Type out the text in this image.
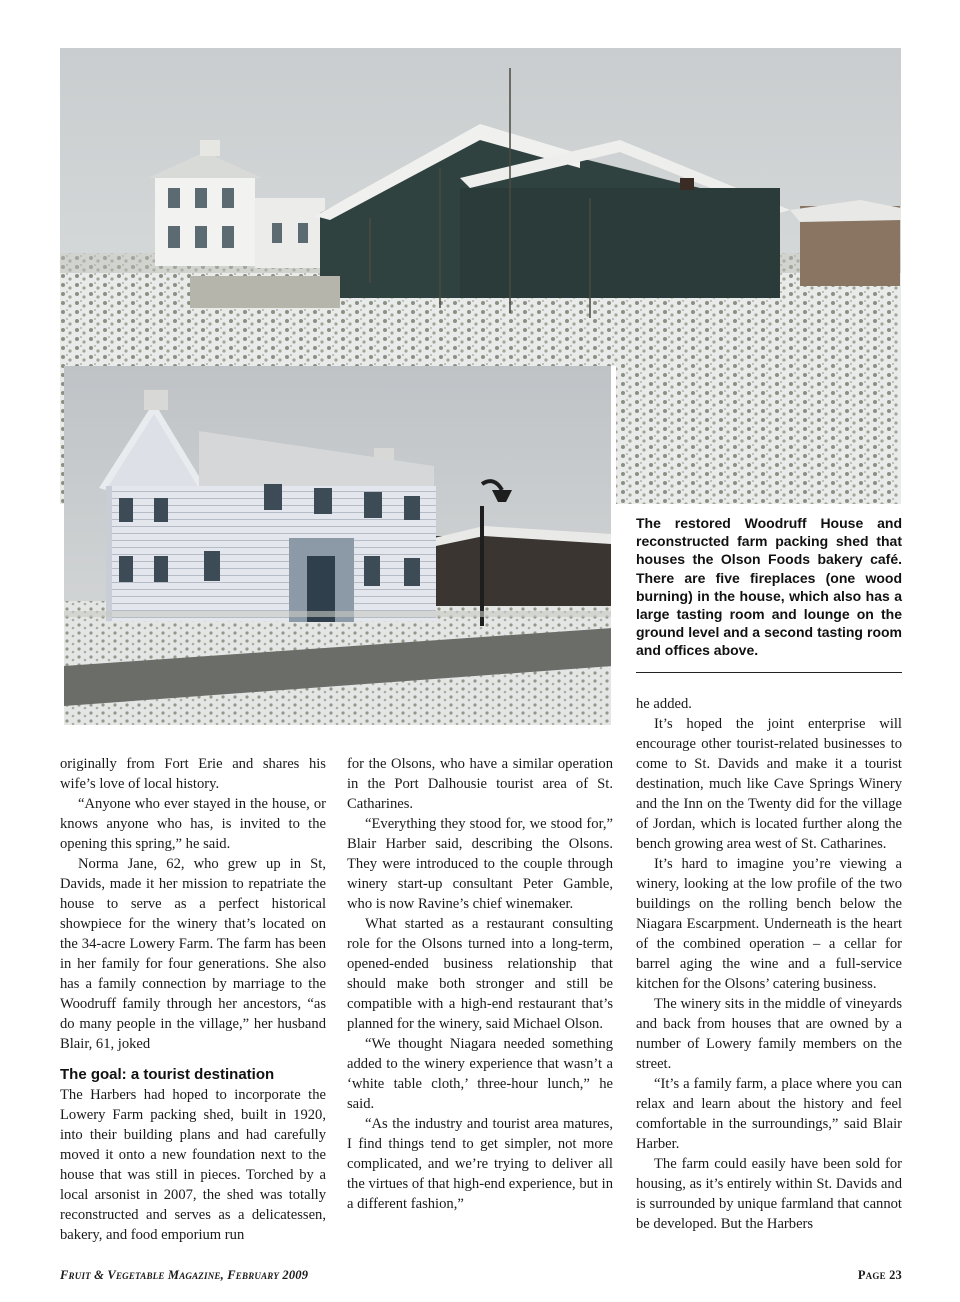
The restored Woodruff House and reconstructed farm packing shed that houses the Olson Foods bakery café. There are five fireplaces (one wood burning) in the house, which also has a large tasting room and lounge on the ground level and a second tasting room and offices above.

originally from Fort Erie and shares his wife’s love of local history.

“Anyone who ever stayed in the house, or knows anyone who has, is invited to the opening this spring,” he said.

Norma Jane, 62, who grew up in St, Davids, made it her mission to repatriate the house to serve as a perfect historical showpiece for the winery that’s located on the 34-acre Lowery Farm. The farm has been in her family for four generations. She also has a family connection by marriage to the Woodruff family through her ancestors, “as do many people in the village,” her husband Blair, 61, joked

The goal: a tourist destination

The Harbers had hoped to incorporate the Lowery Farm packing shed, built in 1920, into their building plans and had carefully moved it onto a new foundation next to the house that was still in pieces. Torched by a local arsonist in 2007, the shed was totally reconstructed and serves as a delicatessen, bakery, and food emporium run

for the Olsons, who have a similar operation in the Port Dalhousie tourist area of St. Catharines.

“Everything they stood for, we stood for,” Blair Harber said, describing the Olsons. They were introduced to the couple through winery start-up consultant Peter Gamble, who is now Ravine’s chief winemaker.

What started as a restaurant consulting role for the Olsons turned into a long-term, opened-ended business relationship that should make both stronger and still be compatible with a high-end restaurant that’s planned for the winery, said Michael Olson.

“We thought Niagara needed something added to the winery experience that wasn’t a ‘white table cloth,’ three-hour lunch,” he said.

“As the industry and tourist area matures, I find things tend to get simpler, not more complicated, and we’re trying to deliver all the virtues of that high-end experience, but in a different fashion,”

he added.

It’s hoped the joint enterprise will encourage other tourist-related businesses to come to St. Davids and make it a tourist destination, much like Cave Springs Winery and the Inn on the Twenty did for the village of Jordan, which is located further along the bench growing area west of St. Catharines.

It’s hard to imagine you’re viewing a winery, looking at the low profile of the two buildings on the rolling bench below the Niagara Escarpment. Underneath is the heart of the combined operation – a cellar for barrel aging the wine and a full-service kitchen for the Olsons’ catering business.

The winery sits in the middle of vineyards and back from houses that are owned by a number of Lowery family members on the street.

“It’s a family farm, a place where you can relax and learn about the history and feel comfortable in the surroundings,” said Blair Harber.

The farm could easily have been sold for housing, as it’s entirely within St. Davids and is surrounded by unique farmland that cannot be developed. But the Harbers

Fruit & Vegetable Magazine, February 2009	Page 23
